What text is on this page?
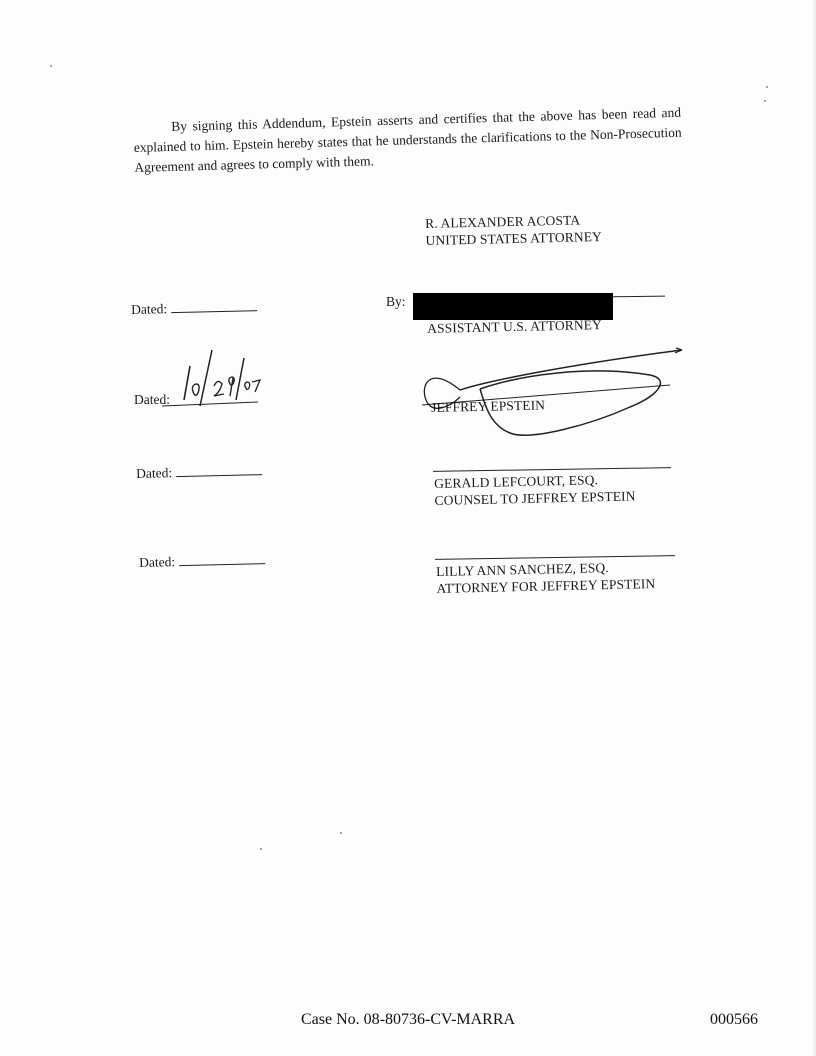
By signing this Addendum, Epstein asserts and certifies that the above has been read and explained to him. Epstein hereby states that he understands the clarifications to the Non-Prosecution Agreement and agrees to comply with them.

R. ALEXANDER ACOSTA
UNITED STATES ATTORNEY
Dated:	By:
ASSISTANT U.S. ATTORNEY
Dated:	JEFFREY EPSTEIN
Dated:	GERALD LEFCOURT, ESQ.
COUNSEL TO JEFFREY EPSTEIN
Dated:	LILLY ANN SANCHEZ, ESQ.
ATTORNEY FOR JEFFREY EPSTEIN
Case No. 08-80736-CV-MARRA	000566
